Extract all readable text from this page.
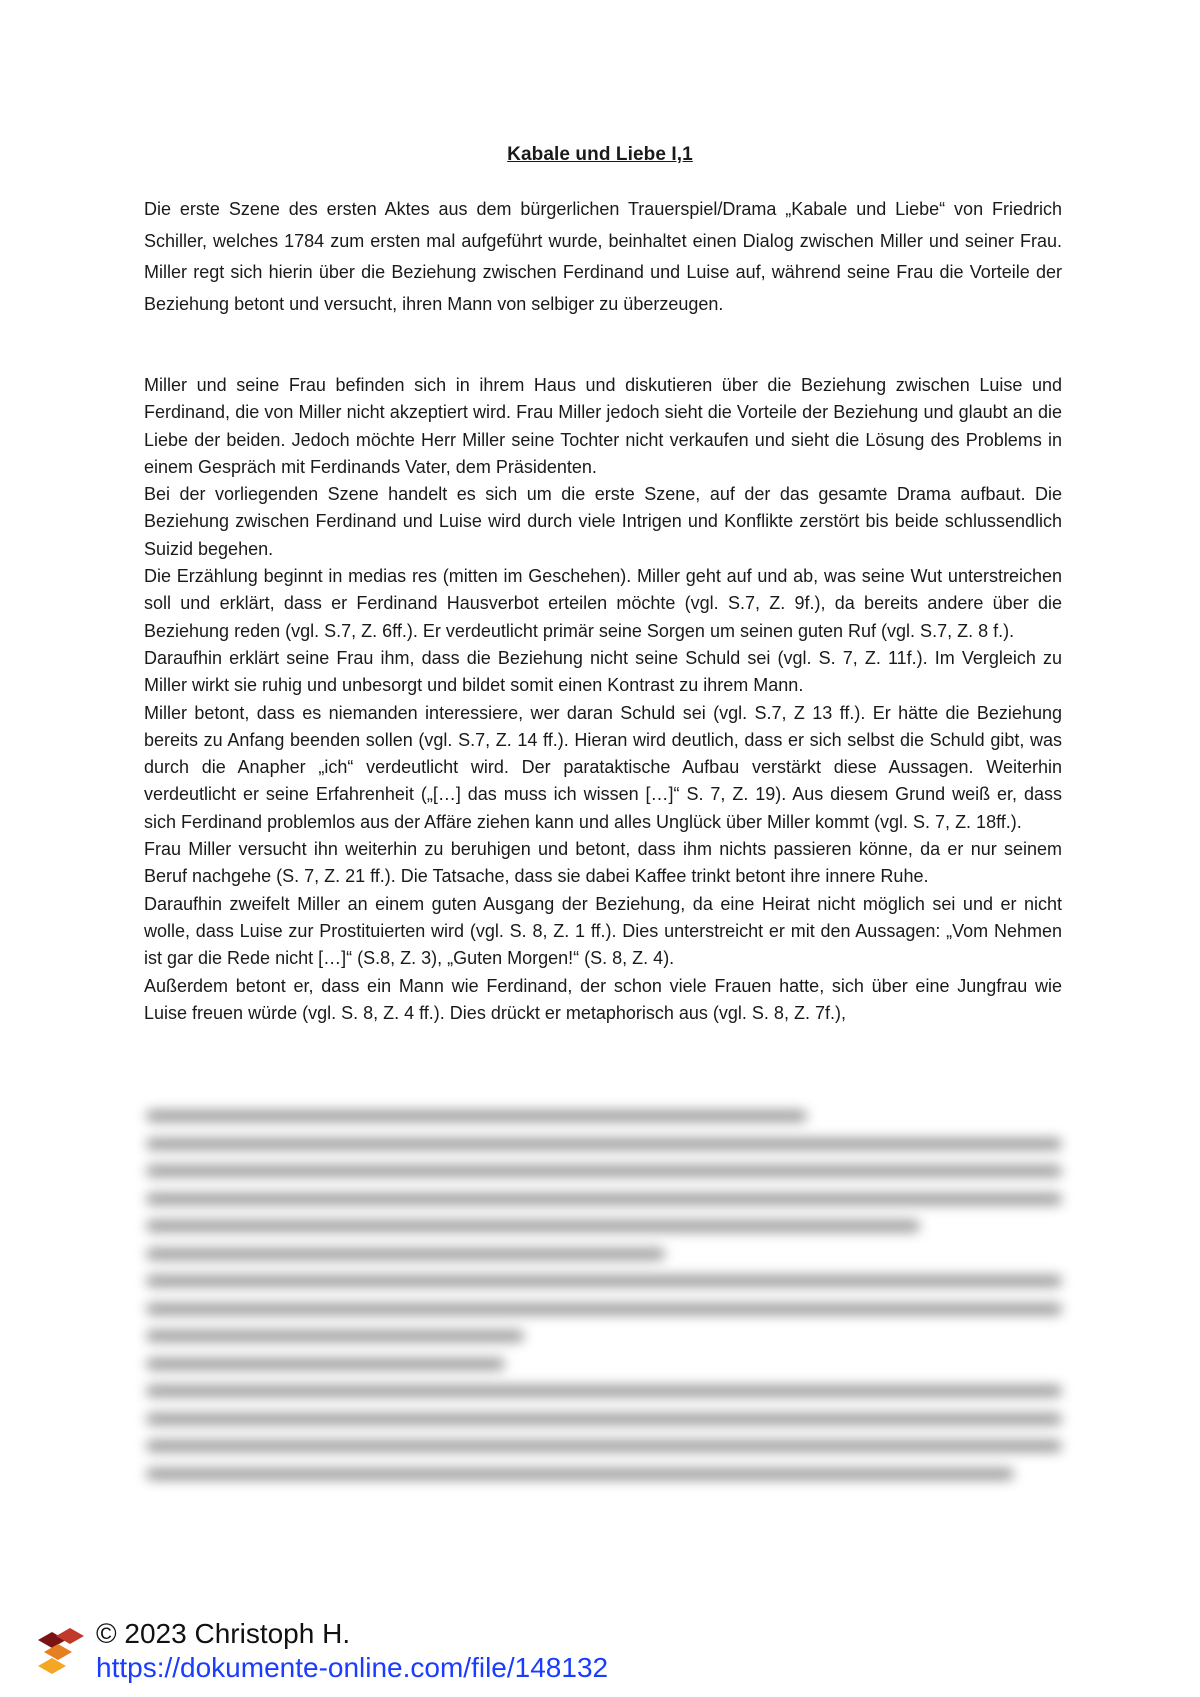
Kabale und Liebe I,1

Die erste Szene des ersten Aktes aus dem bürgerlichen Trauerspiel/Drama „Kabale und Liebe“ von Friedrich Schiller, welches 1784 zum ersten mal aufgeführt wurde, beinhaltet einen Dialog zwischen Miller und seiner Frau. Miller regt sich hierin über die Beziehung zwischen Ferdinand und Luise auf, während seine Frau die Vorteile der Beziehung betont und versucht, ihren Mann von selbiger zu überzeugen.

Miller und seine Frau befinden sich in ihrem Haus und diskutieren über die Beziehung zwischen Luise und Ferdinand, die von Miller nicht akzeptiert wird. Frau Miller jedoch sieht die Vorteile der Beziehung und glaubt an die Liebe der beiden. Jedoch möchte Herr Miller seine Tochter nicht verkaufen und sieht die Lösung des Problems in einem Gespräch mit Ferdinands Vater, dem Präsidenten.

Bei der vorliegenden Szene handelt es sich um die erste Szene, auf der das gesamte Drama aufbaut. Die Beziehung zwischen Ferdinand und Luise wird durch viele Intrigen und Konflikte zerstört bis beide schlussendlich Suizid begehen.

Die Erzählung beginnt in medias res (mitten im Geschehen). Miller geht auf und ab, was seine Wut unterstreichen soll und erklärt, dass er Ferdinand Hausverbot erteilen möchte (vgl. S.7, Z. 9f.), da bereits andere über die Beziehung reden (vgl. S.7, Z. 6ff.). Er verdeutlicht primär seine Sorgen um seinen guten Ruf (vgl. S.7, Z. 8 f.).

Daraufhin erklärt seine Frau ihm, dass die Beziehung nicht seine Schuld sei (vgl. S. 7, Z. 11f.). Im Vergleich zu Miller wirkt sie ruhig und unbesorgt und bildet somit einen Kontrast zu ihrem Mann.

Miller betont, dass es niemanden interessiere, wer daran Schuld sei (vgl. S.7, Z 13 ff.). Er hätte die Beziehung bereits zu Anfang beenden sollen (vgl. S.7, Z. 14 ff.). Hieran wird deutlich, dass er sich selbst die Schuld gibt, was durch die Anapher „ich“ verdeutlicht wird. Der parataktische Aufbau verstärkt diese Aussagen. Weiterhin verdeutlicht er seine Erfahrenheit („[…] das muss ich wissen […]“ S. 7, Z. 19). Aus diesem Grund weiß er, dass sich Ferdinand problemlos aus der Affäre ziehen kann und alles Unglück über Miller kommt (vgl. S. 7, Z. 18ff.).

Frau Miller versucht ihn weiterhin zu beruhigen und betont, dass ihm nichts passieren könne, da er nur seinem Beruf nachgehe (S. 7, Z. 21 ff.). Die Tatsache, dass sie dabei Kaffee trinkt betont ihre innere Ruhe.

Daraufhin zweifelt Miller an einem guten Ausgang der Beziehung, da eine Heirat nicht möglich sei und er nicht wolle, dass Luise zur Prostituierten wird (vgl. S. 8, Z. 1 ff.). Dies unterstreicht er mit den Aussagen: „Vom Nehmen ist gar die Rede nicht […]“ (S.8, Z. 3), „Guten Morgen!“ (S. 8, Z. 4).

Außerdem betont er, dass ein Mann wie Ferdinand, der schon viele Frauen hatte, sich über eine Jungfrau wie Luise freuen würde (vgl. S. 8, Z. 4 ff.). Dies drückt er metaphorisch aus (vgl. S. 8, Z. 7f.),

© 2023 Christoph H.
https://dokumente-online.com/file/148132
